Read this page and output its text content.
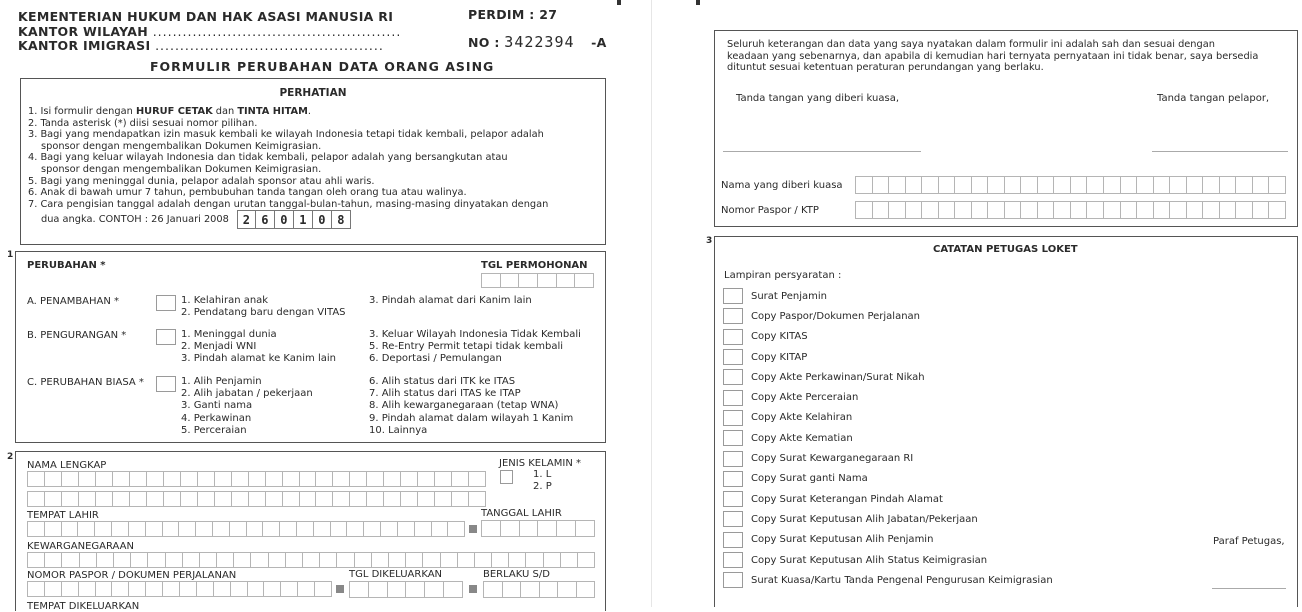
KEMENTERIAN HUKUM DAN HAK ASASI MANUSIA RI
KANTOR WILAYAH ..................................................
KANTOR IMIGRASI ..............................................
PERDIM : 27
NO : 3422394 -A
FORMULIR PERUBAHAN DATA ORANG ASING
PERHATIAN
1. Isi formulir dengan HURUF CETAK dan TINTA HITAM.
2. Tanda asterisk (*) diisi sesuai nomor pilihan.
3. Bagi yang mendapatkan izin masuk kembali ke wilayah Indonesia tetapi tidak kembali, pelapor adalah
sponsor dengan mengembalikan Dokumen Keimigrasian.
4. Bagi yang keluar wilayah Indonesia dan tidak kembali, pelapor adalah yang bersangkutan atau
sponsor dengan mengembalikan Dokumen Keimigrasian.
5. Bagi yang meninggal dunia, pelapor adalah sponsor atau ahli waris.
6. Anak di bawah umur 7 tahun, pembubuhan tanda tangan oleh orang tua atau walinya.
7. Cara pengisian tanggal adalah dengan urutan tanggal-bulan-tahun, masing-masing dinyatakan dengan
dua angka. CONTOH : 26 Januari 2008	2 6 0 1 0 8
1
PERUBAHAN *	TGL PERMOHONAN
A. PENAMBAHAN *	1. Kelahiran anak
2. Pendatang baru dengan VITAS
3. Pindah alamat dari Kanim lain
B. PENGURANGAN *	1. Meninggal dunia
2. Menjadi WNI
3. Pindah alamat ke Kanim lain
3. Keluar Wilayah Indonesia Tidak Kembali
5. Re-Entry Permit tetapi tidak kembali
6. Deportasi / Pemulangan
C. PERUBAHAN BIASA *	1. Alih Penjamin
2. Alih jabatan / pekerjaan
3. Ganti nama
4. Perkawinan
5. Perceraian
6. Alih status dari ITK ke ITAS
7. Alih status dari ITAS ke ITAP
8. Alih kewarganegaraan (tetap WNA)
9. Pindah alamat dalam wilayah 1 Kanim
10. Lainnya
2
NAMA LENGKAP	JENIS KELAMIN *
1. L
2. P
TEMPAT LAHIR	TANGGAL LAHIR
KEWARGANEGARAAN
NOMOR PASPOR / DOKUMEN PERJALANAN	TGL DIKELUARKAN	BERLAKU S/D
TEMPAT DIKELUARKAN
Seluruh keterangan dan data yang saya nyatakan dalam formulir ini adalah sah dan sesuai dengan
keadaan yang sebenarnya, dan apabila di kemudian hari ternyata pernyataan ini tidak benar, saya bersedia
dituntut sesuai ketentuan peraturan perundangan yang berlaku.
Tanda tangan yang diberi kuasa,	Tanda tangan pelapor,
Nama yang diberi kuasa
Nomor Paspor / KTP
3
CATATAN PETUGAS LOKET
Lampiran persyaratan :
Surat Penjamin
Copy Paspor/Dokumen Perjalanan
Copy KITAS
Copy KITAP
Copy Akte Perkawinan/Surat Nikah
Copy Akte Perceraian
Copy Akte Kelahiran
Copy Akte Kematian
Copy Surat Kewarganegaraan RI
Copy Surat ganti Nama
Copy Surat Keterangan Pindah Alamat
Copy Surat Keputusan Alih Jabatan/Pekerjaan
Copy Surat Keputusan Alih Penjamin
Copy Surat Keputusan Alih Status Keimigrasian
Surat Kuasa/Kartu Tanda Pengenal Pengurusan Keimigrasian
Paraf Petugas,
